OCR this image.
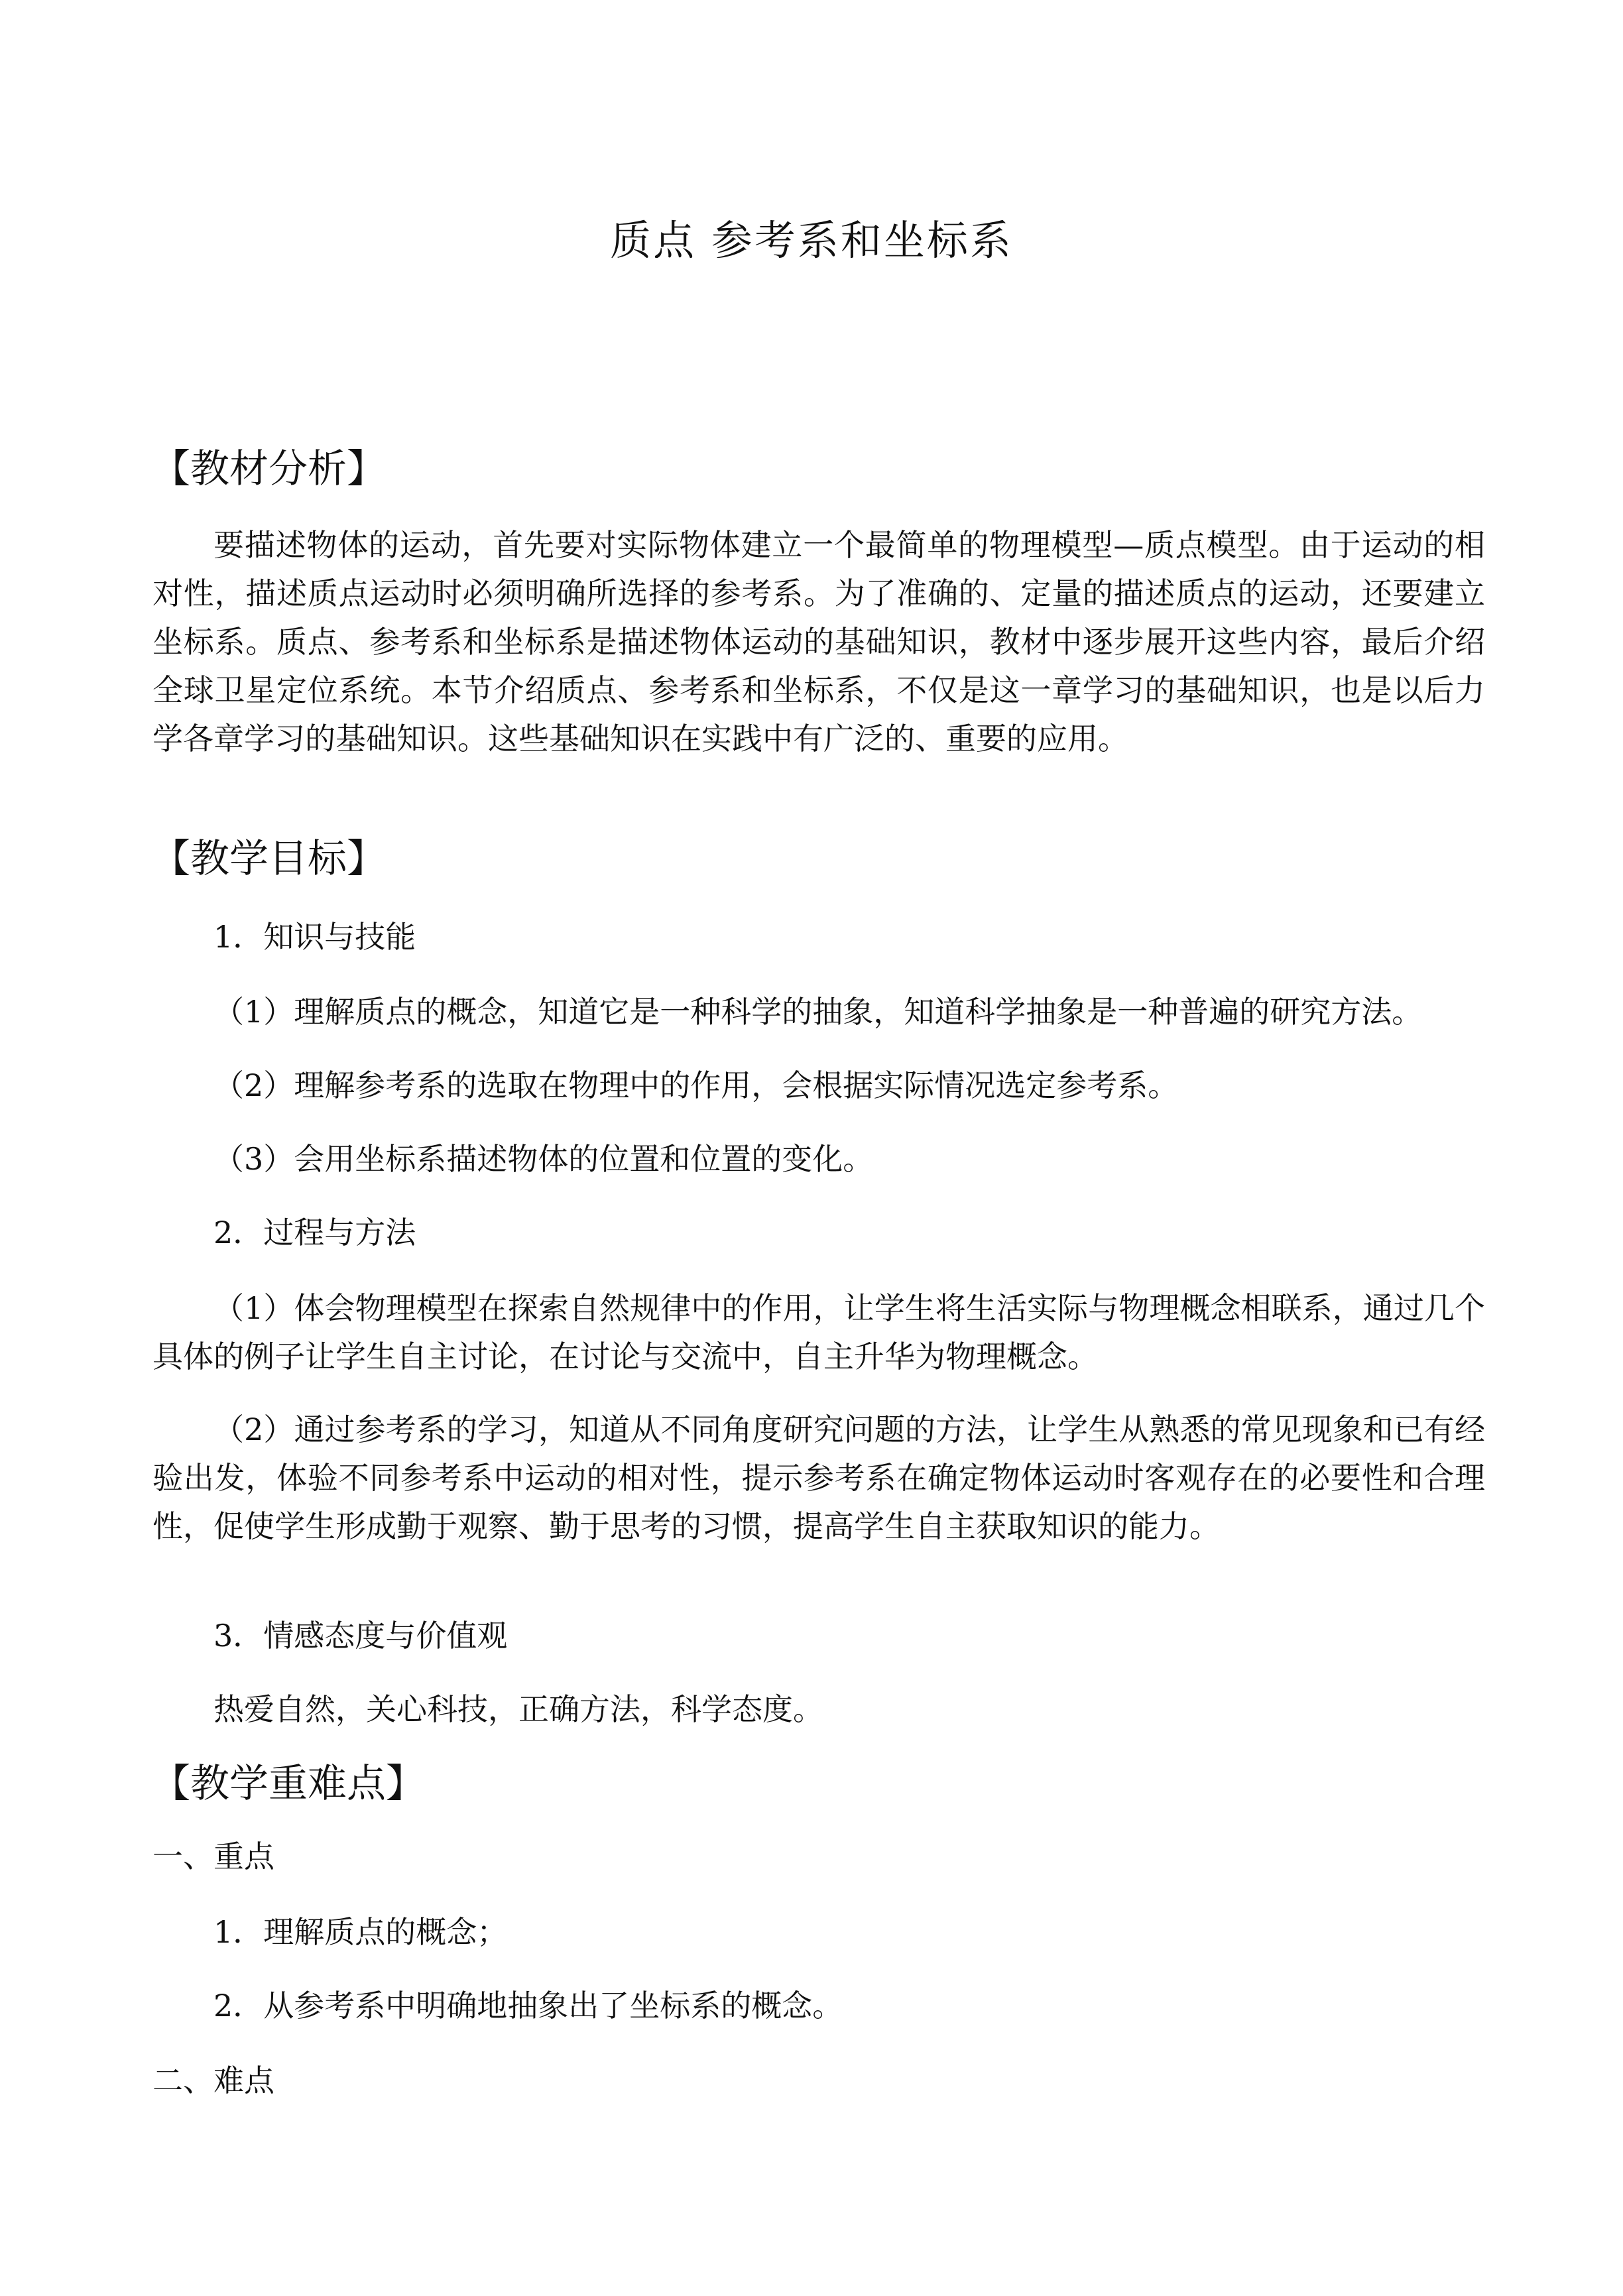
质点 参考系和坐标系
【教材分析】
要描述物体的运动，首先要对实际物体建立一个最简单的物理模型—质点模型。由于运动的相对性，描述质点运动时必须明确所选择的参考系。为了准确的、定量的描述质点的运动，还要建立坐标系。质点、参考系和坐标系是描述物体运动的基础知识，教材中逐步展开这些内容，最后介绍全球卫星定位系统。本节介绍质点、参考系和坐标系，不仅是这一章学习的基础知识，也是以后力学各章学习的基础知识。这些基础知识在实践中有广泛的、重要的应用。
【教学目标】
1．知识与技能
（1）理解质点的概念，知道它是一种科学的抽象，知道科学抽象是一种普遍的研究方法。
（2）理解参考系的选取在物理中的作用，会根据实际情况选定参考系。
（3）会用坐标系描述物体的位置和位置的变化。
2．过程与方法
（1）体会物理模型在探索自然规律中的作用，让学生将生活实际与物理概念相联系，通过几个具体的例子让学生自主讨论，在讨论与交流中，自主升华为物理概念。
（2）通过参考系的学习，知道从不同角度研究问题的方法，让学生从熟悉的常见现象和已有经验出发，体验不同参考系中运动的相对性，提示参考系在确定物体运动时客观存在的必要性和合理性，促使学生形成勤于观察、勤于思考的习惯，提高学生自主获取知识的能力。
3．情感态度与价值观
热爱自然，关心科技，正确方法，科学态度。
【教学重难点】
一、重点
1．理解质点的概念；
2．从参考系中明确地抽象出了坐标系的概念。
二、难点
